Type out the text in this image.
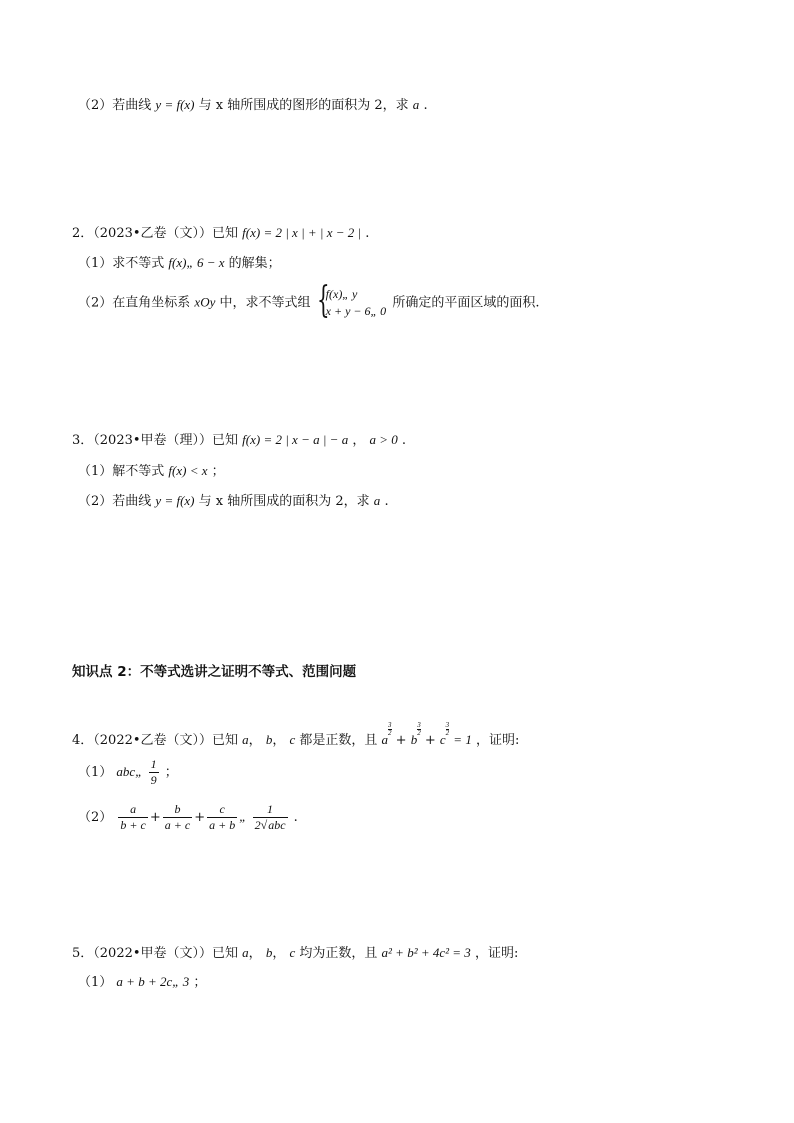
（2）若曲线 y = f(x) 与 x 轴所围成的图形的面积为 2，求 a .
2．（2023•乙卷（文））已知 f(x) = 2 | x | + | x − 2 | .
（1）求不等式 f(x)„ 6 − x 的解集；
（2）在直角坐标系 xOy 中，求不等式组 {
f(x)„ y
x + y − 6„ 0
所确定的平面区域的面积.
3．（2023•甲卷（理））已知 f(x) = 2 | x − a | − a ， a > 0 .
（1）解不等式 f(x) < x ；
（2）若曲线 y = f(x) 与 x 轴所围成的面积为 2，求 a .
知识点 2：不等式选讲之证明不等式、范围问题
4．（2022•乙卷（文））已知 a， b， c 都是正数，且 a
$\frac{3}{2}$
+ b
$\frac{3}{2}$
+ c
$\frac{3}{2}$
= 1 ，证明:
（1） abc„ $\frac{1}{9}$ ；
$(2) \frac{a}{b + c} + \frac{b}{a + c} + \frac{c}{a + b}$ „ $\frac{1}{\text{2√abc}}$ .
5．（2022•甲卷（文））已知 a， b， c 均为正数，且 a² + b² + 4c² = 3 ，证明:
（1） a + b + 2c„ 3 ；
